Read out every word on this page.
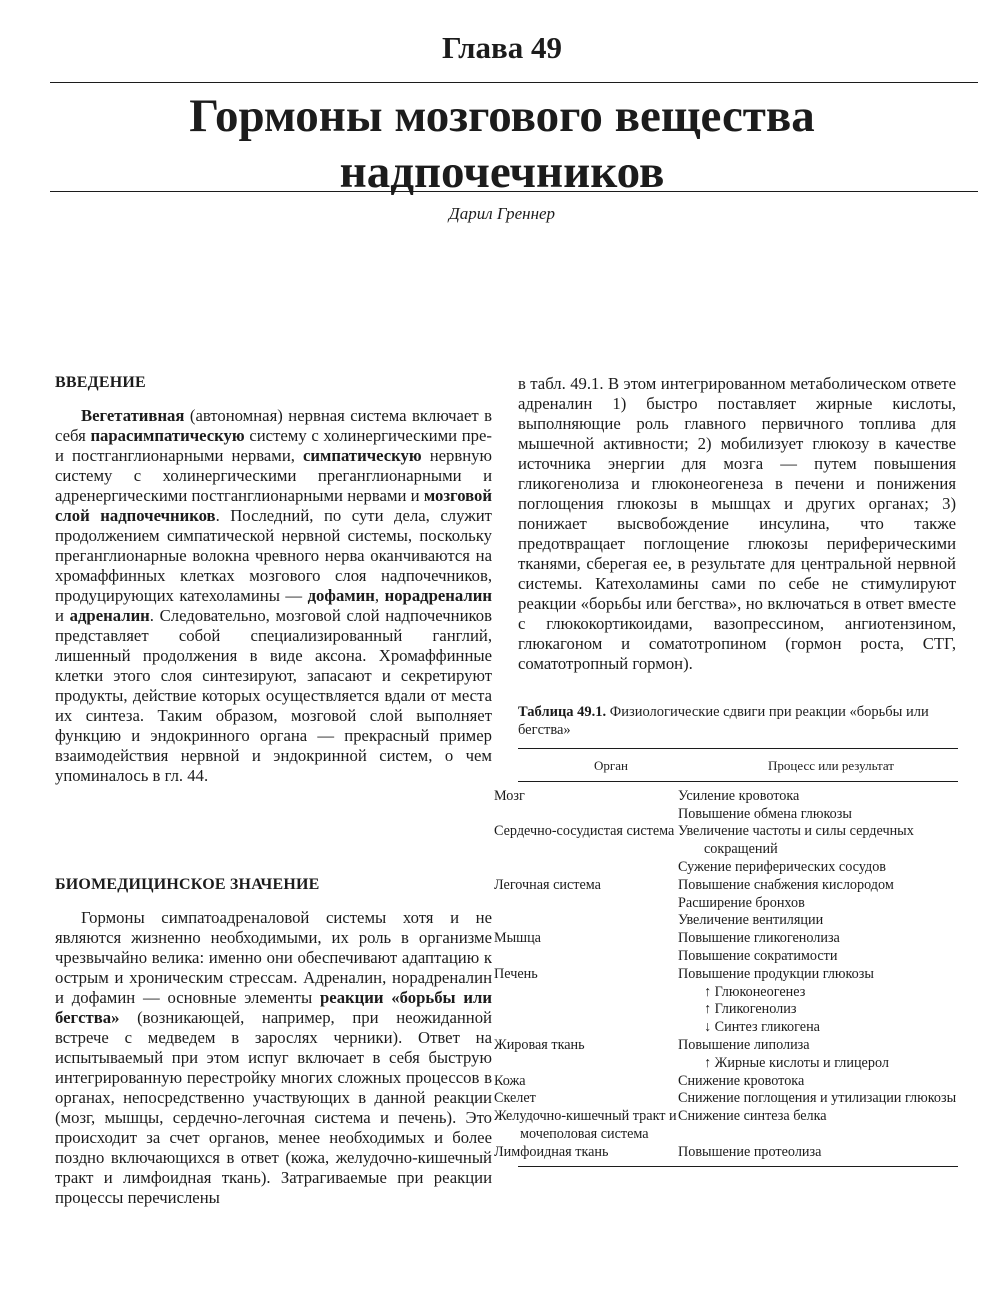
Глава 49
Гормоны мозгового вещества
надпочечников
Дарил Греннер
ВВЕДЕНИЕ

Вегетативная (автономная) нервная система включает в себя парасимпатическую систему с холинергическими пре- и постганглионарными нервами, симпатическую нервную систему с холинергическими преганглионарными и адренергическими постганглионарными нервами и мозговой слой надпочечников. Последний, по сути дела, служит продолжением симпатической нервной системы, поскольку преганглионарные волокна чревного нерва оканчиваются на хромаффинных клетках мозгового слоя надпочечников, продуцирующих катехоламины — дофамин, норадреналин и адреналин. Следовательно, мозговой слой надпочечников представляет собой специализированный ганглий, лишенный продолжения в виде аксона. Хромаффинные клетки этого слоя синтезируют, запасают и секретируют продукты, действие которых осуществляется вдали от места их синтеза. Таким образом, мозговой слой выполняет функцию и эндокринного органа — прекрасный пример взаимодействия нервной и эндокринной систем, о чем упоминалось в гл. 44.

БИОМЕДИЦИНСКОЕ ЗНАЧЕНИЕ

Гормоны симпатоадреналовой системы хотя и не являются жизненно необходимыми, их роль в организме чрезвычайно велика: именно они обеспечивают адаптацию к острым и хроническим стрессам. Адреналин, норадреналин и дофамин — основные элементы реакции «борьбы или бегства» (возникающей, например, при неожиданной встрече с медведем в зарослях черники). Ответ на испытываемый при этом испуг включает в себя быструю интегрированную перестройку многих сложных процессов в органах, непосредственно участвующих в данной реакции (мозг, мышцы, сердечно-легочная система и печень). Это происходит за счет органов, менее необходимых и более поздно включающихся в ответ (кожа, желудочно-кишечный тракт и лимфоидная ткань). Затрагиваемые при реакции процессы перечислены

в табл. 49.1. В этом интегрированном метаболическом ответе адреналин 1) быстро поставляет жирные кислоты, выполняющие роль главного первичного топлива для мышечной активности; 2) мобилизует глюкозу в качестве источника энергии для мозга — путем повышения гликогенолиза и глюконеогенеза в печени и понижения поглощения глюкозы в мышцах и других органах; 3) понижает высвобождение инсулина, что также предотвращает поглощение глюкозы периферическими тканями, сберегая ее, в результате для центральной нервной системы. Катехоламины сами по себе не стимулируют реакции «борьбы или бегства», но включаться в ответ вместе с глюкокортикоидами, вазопрессином, ангиотензином, глюкагоном и соматотропином (гормон роста, СТГ, соматотропный гормон).

Таблица 49.1. Физиологические сдвиги при реакции «борьбы или бегства»
Орган	Процесс или результат
Мозг	Усиление кровотока
	Повышение обмена глюкозы
Сердечно-сосудистая система	Увеличение частоты и силы сердечных сокращений
	Сужение периферических сосудов
Легочная система	Повышение снабжения кислородом
	Расширение бронхов
	Увеличение вентиляции
Мышца	Повышение гликогенолиза
	Повышение сократимости
Печень	Повышение продукции глюкозы
	↑ Глюконеогенез
	↑ Гликогенолиз
	↓ Синтез гликогена
Жировая ткань	Повышение липолиза
	↑ Жирные кислоты и глицерол
Кожа	Снижение кровотока
Скелет	Снижение поглощения и утилизации глюкозы
Желудочно-кишечный тракт и мочеполовая система	Снижение синтеза белка
Лимфоидная ткань	Повышение протеолиза
